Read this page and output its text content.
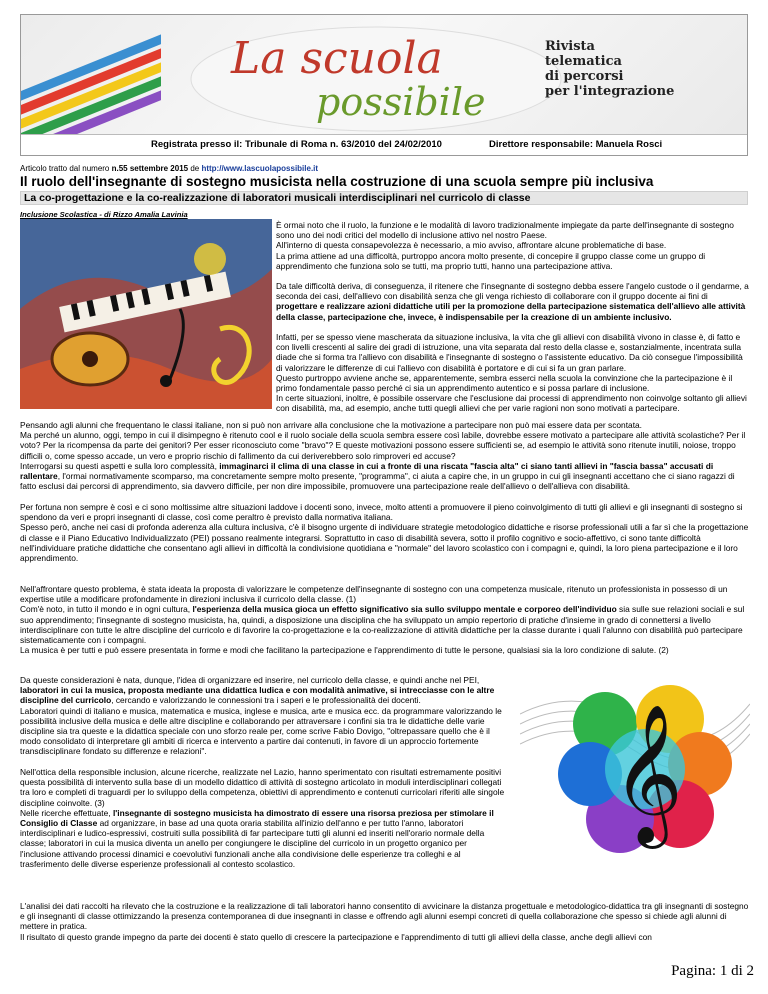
La scuola
possibile
Rivista
telematica
di percorsi
per l'integrazione
Registrata presso il: Tribunale di Roma n. 63/2010 del 24/02/2010	Direttore responsabile: Manuela Rosci
Articolo tratto dal numero n.55 settembre 2015 de http://www.lascuolapossibile.it
Il ruolo dell'insegnante di sostegno musicista nella costruzione di una scuola sempre più inclusiva
La co-progettazione e la co-realizzazione di laboratori musicali interdisciplinari nel curricolo di classe
Inclusione Scolastica - di Rizzo Amalia Lavinia

È ormai noto che il ruolo, la funzione e le modalità di lavoro tradizionalmente impiegate da parte dell'insegnante di sostegno sono uno dei nodi critici del modello di inclusione attivo nel nostro Paese.
All'interno di questa consapevolezza è necessario, a mio avviso, affrontare alcune problematiche di base.
La prima attiene ad una difficoltà, purtroppo ancora molto presente, di concepire il gruppo classe come un gruppo di apprendimento che funziona solo se tutti, ma proprio tutti, hanno una partecipazione attiva.

Da tale difficoltà deriva, di conseguenza, il ritenere che l'insegnante di sostegno debba essere l'angelo custode o il gendarme, a seconda dei casi, dell'allievo con disabilità senza che gli venga richiesto di collaborare con il gruppo docente ai fini di progettare e realizzare azioni didattiche utili per la promozione della partecipazione sistematica dell'allievo alle attività della classe, partecipazione che, invece, è indispensabile per la creazione di un ambiente inclusivo.

Infatti, per se spesso viene mascherata da situazione inclusiva, la vita che gli allievi con disabilità vivono in classe è, di fatto e con livelli crescenti al salire dei gradi di istruzione, una vita separata dal resto della classe e, sostanzialmente, incentrata sulla diade che si forma tra l'allievo con disabilità e l'insegnante di sostegno o l'assistente educativo. Da ciò consegue l'impossibilità di valorizzare le differenze di cui l'allievo con disabilità è portatore e di cui si fa un gran parlare.
Questo purtroppo avviene anche se, apparentemente, sembra esserci nella scuola la convinzione che la partecipazione è il primo fondamentale passo perché ci sia un apprendimento autentico e si possa parlare di inclusione.
In certe situazioni, inoltre, è possibile osservare che l'esclusione dai processi di apprendimento non coinvolge soltanto gli allievi con disabilità, ma, ad esempio, anche tutti quegli allievi che per varie ragioni non sono motivati a partecipare.

Pensando agli alunni che frequentano le classi italiane, non si può non arrivare alla conclusione che la motivazione a partecipare non può mai essere data per scontata.
Ma perché un alunno, oggi, tempo in cui il disimpegno è ritenuto cool e il ruolo sociale della scuola sembra essere così labile, dovrebbe essere motivato a partecipare alle attività scolastiche? Per il voto? Per la ricompensa da parte dei genitori? Per esser riconosciuto come "bravo"? E queste motivazioni possono essere sufficienti se, ad esempio le attività sono ritenute inutili, noiose, troppo difficili o, come spesso accade, un vero e proprio rischio di fallimento da cui deriverebbero solo rimproveri ed accuse?
Interrogarsi su questi aspetti e sulla loro complessità, immaginarci il clima di una classe in cui a fronte di una riscata "fascia alta" ci siano tanti allievi in "fascia bassa" accusati di rallentare, l'ormai normativamente scomparso, ma concretamente sempre molto presente, "programma", ci aiuta a capire che, in un gruppo in cui gli insegnanti accettano che ci siano ragazzi di fatto esclusi dai percorsi di apprendimento, sia davvero difficile, per non dire impossibile, promuovere una partecipazione reale dell'allievo o dell'allieva con disabilità.

Per fortuna non sempre è così e ci sono moltissime altre situazioni laddove i docenti sono, invece, molto attenti a promuovere il pieno coinvolgimento di tutti gli allievi e gli insegnanti di sostegno si spendono da veri e propri insegnanti di classe, così come peraltro è previsto dalla normativa italiana.
Spesso però, anche nei casi di profonda aderenza alla cultura inclusiva, c'è il bisogno urgente di individuare strategie metodologico didattiche e risorse professionali utili a far sì che la progettazione di classe e il Piano Educativo Individualizzato (PEI) possano realmente integrarsi. Soprattutto in caso di disabilità severa, sotto il profilo cognitivo e socio-affettivo, ci sono tante difficoltà nell'individuare pratiche didattiche che consentano agli allievi in difficoltà la condivisione quotidiana e "normale" del lavoro scolastico con i compagni e, quindi, la loro piena partecipazione e il loro apprendimento.

Nell'affrontare questo problema, è stata ideata la proposta di valorizzare le competenze dell'insegnante di sostegno con una competenza musicale, ritenuto un professionista in possesso di un expertise utile a modificare profondamente in direzioni inclusiva il curricolo della classe. (1)
Com'è noto, in tutto il mondo e in ogni cultura, l'esperienza della musica gioca un effetto significativo sia sullo sviluppo mentale e corporeo dell'individuo sia sulle sue relazioni sociali e sul suo apprendimento; l'insegnante di sostegno musicista, ha, quindi, a disposizione una disciplina che ha sviluppato un ampio repertorio di pratiche d'insieme in grado di connettersi a livello interdisciplinare con tutte le altre discipline del curricolo e di favorire la co-progettazione e la co-realizzazione di attività didattiche per la classe durante i quali l'alunno con disabilità può partecipare sistematicamente con i compagni.
La musica è per tutti e può essere presentata in forme e modi che facilitano la partecipazione e l'apprendimento di tutte le persone, qualsiasi sia la loro condizione di salute. (2)

Da queste considerazioni è nata, dunque, l'idea di organizzare ed inserire, nel curricolo della classe, e quindi anche nel PEI, laboratori in cui la musica, proposta mediante una didattica ludica e con modalità animative, si intrecciasse con le altre discipline del curricolo, cercando e valorizzando le connessioni tra i saperi e le professionalità dei docenti.
Laboratori quindi di italiano e musica, matematica e musica, inglese e musica, arte e musica ecc. da programmare valorizzando le possibilità inclusive della musica e delle altre discipline e collaborando per attraversare i confini sia tra le didattiche delle varie discipline sia tra queste e la didattica speciale con uno sforzo reale per, come scrive Fabio Dovigo, "oltrepassare quello che è il modo consolidato di interpretare gli ambiti di ricerca e intervento a partire dai contenuti, in favore di un approccio fortemente transdisciplinare fondato su differenze e relazioni".

Nell'ottica della responsible inclusion, alcune ricerche, realizzate nel Lazio, hanno sperimentato con risultati estremamente positivi questa possibilità di intervento sulla base di un modello didattico di attività di sostegno articolato in moduli interdisciplinari collegati tra loro e completi di traguardi per lo sviluppo della competenza, obiettivi di apprendimento e contenuti curricolari riferiti alle singole discipline coinvolte. (3)
Nelle ricerche effettuate, l'insegnante di sostegno musicista ha dimostrato di essere una risorsa preziosa per stimolare il Consiglio di Classe ad organizzare, in base ad una quota oraria stabilita all'inizio dell'anno e per tutto l'anno, laboratori interdisciplinari e ludico-espressivi, costruiti sulla possibilità di far partecipare tutti gli alunni ed inseriti nell'orario normale della classe; laboratori in cui la musica diventa un anello per congiungere le discipline del curricolo in un progetto organico per l'inclusione attivando processi dinamici e coevolutivi funzionali anche alla condivisione delle esperienze tra colleghi e al trasferimento delle diverse esperienze professionali al contesto scolastico.

L'analisi dei dati raccolti ha rilevato che la costruzione e la realizzazione di tali laboratori hanno consentito di avvicinare la distanza progettuale e metodologico-didattica tra gli insegnanti di sostegno e gli insegnanti di classe ottimizzando la presenza contemporanea di due insegnanti in classe e offrendo agli alunni esempi concreti di quella collaborazione che spesso si chiede agli alunni di mettere in pratica.
Il risultato di questo grande impegno da parte dei docenti è stato quello di crescere la partecipazione e l'apprendimento di tutti gli allievi della classe, anche degli allievi con

𝄞
Pagina: 1 di 2
